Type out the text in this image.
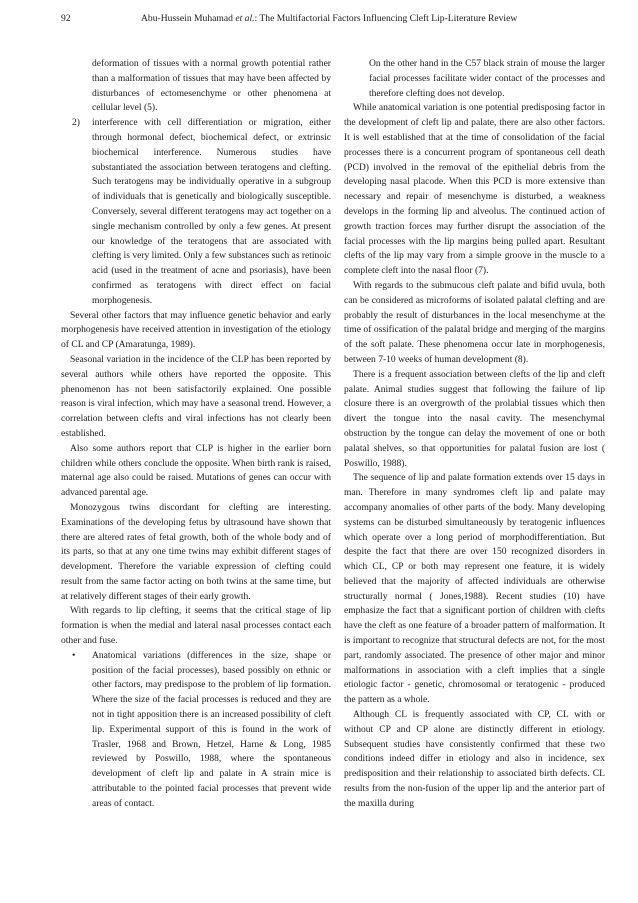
92	Abu-Hussein Muhamad et al.: The Multifactorial Factors Influencing Cleft Lip-Literature Review

deformation of tissues with a normal growth potential rather than a malformation of tissues that may have been affected by disturbances of ectomesenchyme or other phenomena at cellular level (5).

2) interference with cell differentiation or migration, either through hormonal defect, biochemical defect, or extrinsic biochemical interference. Numerous studies have substantiated the association between teratogens and clefting. Such teratogens may be individually operative in a subgroup of individuals that is genetically and biologically susceptible. Conversely, several different teratogens may act together on a single mechanism controlled by only a few genes. At present our knowledge of the teratogens that are associated with clefting is very limited. Only a few substances such as retinoic acid (used in the treatment of acne and psoriasis), have been confirmed as teratogens with direct effect on facial morphogenesis.

Several other factors that may influence genetic behavior and early morphogenesis have received attention in investigation of the etiology of CL and CP (Amaratunga, 1989).

Seasonal variation in the incidence of the CLP has been reported by several authors while others have reported the opposite. This phenomenon has not been satisfactorily explained. One possible reason is viral infection, which may have a seasonal trend. However, a correlation between clefts and viral infections has not clearly been established.

Also some authors report that CLP is higher in the earlier born children while others conclude the opposite. When birth rank is raised, maternal age also could be raised. Mutations of genes can occur with advanced parental age.

Monozygous twins discordant for clefting are interesting. Examinations of the developing fetus by ultrasound have shown that there are altered rates of fetal growth, both of the whole body and of its parts, so that at any one time twins may exhibit different stages of development. Therefore the variable expression of clefting could result from the same factor acting on both twins at the same time, but at relatively different stages of their early growth.

With regards to lip clefting, it seems that the critical stage of lip formation is when the medial and lateral nasal processes contact each other and fuse.

• Anatomical variations (differences in the size, shape or position of the facial processes), based possibly on ethnic or other factors, may predispose to the problem of lip formation. Where the size of the facial processes is reduced and they are not in tight apposition there is an increased possibility of cleft lip. Experimental support of this is found in the work of Trasler, 1968 and Brown, Hetzel, Harne & Long, 1985 reviewed by Poswillo, 1988, where the spontaneous development of cleft lip and palate in A strain mice is attributable to the pointed facial processes that prevent wide areas of contact.

On the other hand in the C57 black strain of mouse the larger facial processes facilitate wider contact of the processes and therefore clefting does not develop.

While anatomical variation is one potential predisposing factor in the development of cleft lip and palate, there are also other factors. It is well established that at the time of consolidation of the facial processes there is a concurrent program of spontaneous cell death (PCD) involved in the removal of the epithelial debris from the developing nasal placode. When this PCD is more extensive than necessary and repair of mesenchyme is disturbed, a weakness develops in the forming lip and alveolus. The continued action of growth traction forces may further disrupt the association of the facial processes with the lip margins being pulled apart. Resultant clefts of the lip may vary from a simple groove in the muscle to a complete cleft into the nasal floor (7).

With regards to the submucous cleft palate and bifid uvula, both can be considered as microforms of isolated palatal clefting and are probably the result of disturbances in the local mesenchyme at the time of ossification of the palatal bridge and merging of the margins of the soft palate. These phenomena occur late in morphogenesis, between 7-10 weeks of human development (8).

There is a frequent association between clefts of the lip and cleft palate. Animal studies suggest that following the failure of lip closure there is an overgrowth of the prolabial tissues which then divert the tongue into the nasal cavity. The mesenchymal obstruction by the tongue can delay the movement of one or both palatal shelves, so that opportunities for palatal fusion are lost ( Poswillo, 1988).

The sequence of lip and palate formation extends over 15 days in man. Therefore in many syndromes cleft lip and palate may accompany anomalies of other parts of the body. Many developing systems can be disturbed simultaneously by teratogenic influences which operate over a long period of morphodifferentiation. But despite the fact that there are over 150 recognized disorders in which CL, CP or both may represent one feature, it is widely believed that the majority of affected individuals are otherwise structurally normal ( Jones,1988). Recent studies (10) have emphasize the fact that a significant portion of children with clefts have the cleft as one feature of a broader pattern of malformation. It is important to recognize that structural defects are not, for the most part, randomly associated. The presence of other major and minor malformations in association with a cleft implies that a single etiologic factor - genetic, chromosomal or teratogenic - produced the pattern as a whole.

Although CL is frequently associated with CP, CL with or without CP and CP alone are distinctly different in etiology. Subsequent studies have consistently confirmed that these two conditions indeed differ in etiology and also in incidence, sex predisposition and their relationship to associated birth defects. CL results from the non-fusion of the upper lip and the anterior part of the maxilla during
